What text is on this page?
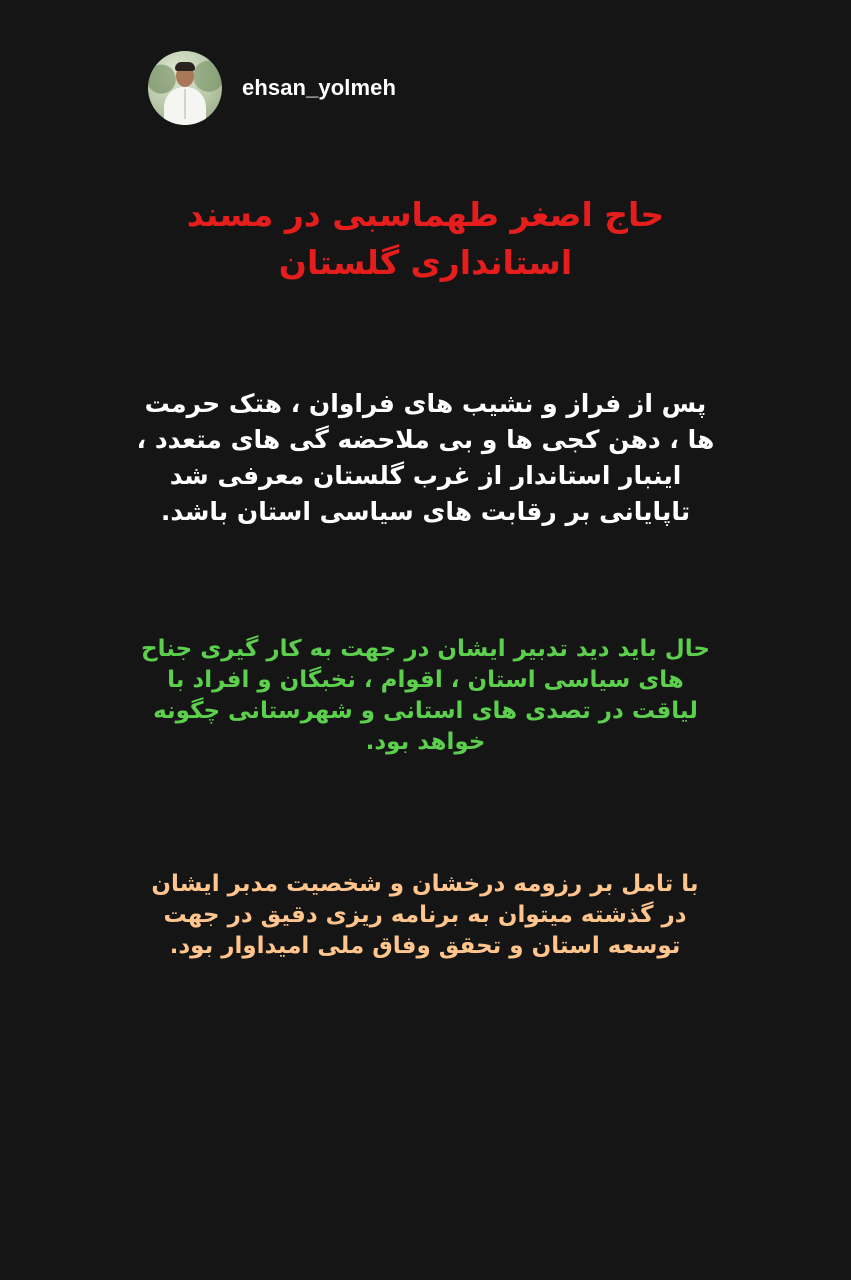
ehsan_yolmeh

حاج اصغر طهماسبی در مسند استانداری گلستان

پس از فراز و نشیب های فراوان ، هتک حرمت ها ، دهن کجی ها و بی ملاحضه گی های متعدد ، اینبار استاندار از غرب گلستان معرفی شد تاپایانی بر رقابت های سیاسی استان باشد.

حال باید دید تدبیر ایشان در جهت به کار گیری جناح های سیاسی استان ، اقوام ، نخبگان و افراد با لیاقت در تصدی های استانی و شهرستانی چگونه خواهد بود.

با تامل بر رزومه درخشان و شخصیت مدبر ایشان در گذشته میتوان به برنامه ریزی دقیق در جهت توسعه استان و تحقق وفاق ملی امیداوار بود.
